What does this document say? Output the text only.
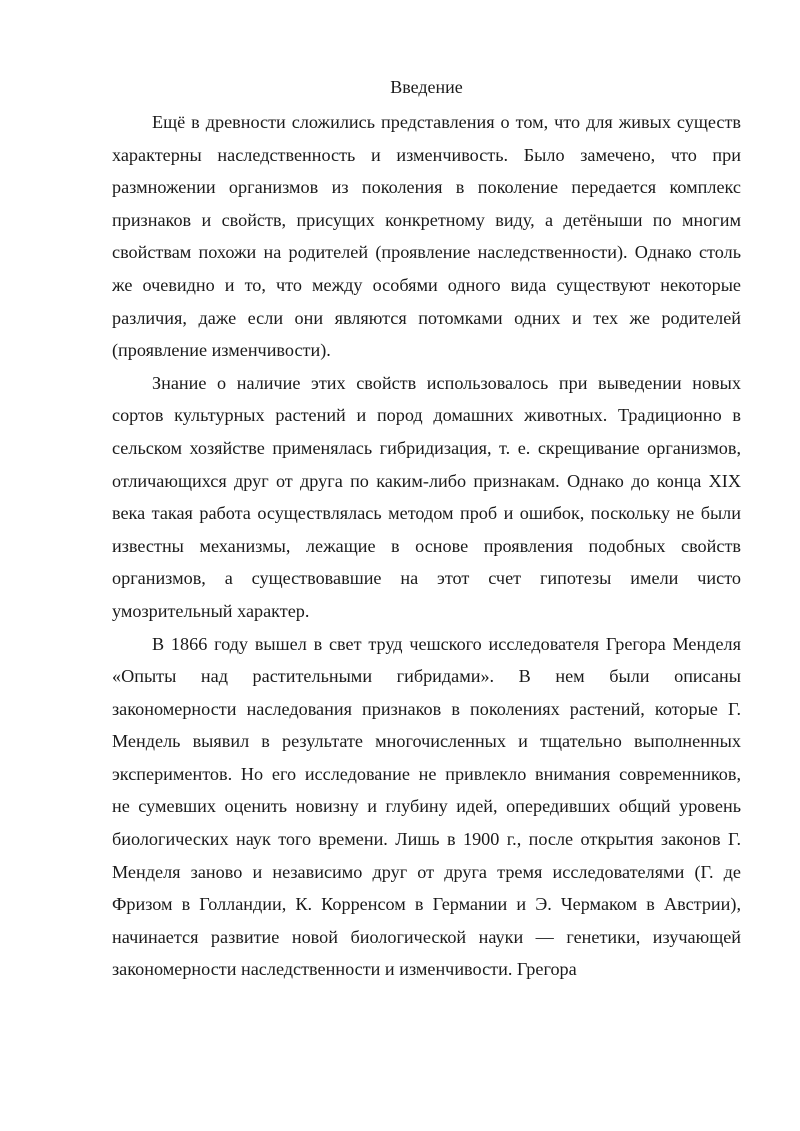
Введение
Ещё в древности сложились представления о том, что для живых существ
характерны наследственность и изменчивость. Было замечено, что при
размножении организмов из поколения в поколение передается комплекс
признаков и свойств, присущих конкретному виду, а детёныши по многим
свойствам похожи на родителей (проявление наследственности). Однако столь
же очевидно и то, что между особями одного вида существуют некоторые
различия, даже если они являются потомками одних и тех же родителей
(проявление изменчивости).
Знание о наличие этих свойств использовалось при выведении новых
сортов культурных растений и пород домашних животных. Традиционно в
сельском хозяйстве применялась гибридизация, т. е. скрещивание организмов,
отличающихся друг от друга по каким-либо признакам. Однако до конца XIX
века такая работа осуществлялась методом проб и ошибок, поскольку не были
известны механизмы, лежащие в основе проявления подобных свойств
организмов, а существовавшие на этот счет гипотезы имели чисто
умозрительный характер.
В 1866 году вышел в свет труд чешского исследователя Грегора Менделя
«Опыты над растительными гибридами». В нем были описаны
закономерности наследования признаков в поколениях растений, которые Г.
Мендель выявил в результате многочисленных и тщательно выполненных
экспериментов. Но его исследование не привлекло внимания современников,
не сумевших оценить новизну и глубину идей, опередивших общий уровень
биологических наук того времени. Лишь в 1900 г., после открытия законов Г.
Менделя заново и независимо друг от друга тремя исследователями (Г. де
Фризом в Голландии, К. Корренсом в Германии и Э. Чермаком в Австрии),
начинается развитие новой биологической науки — генетики, изучающей
закономерности наследственности и изменчивости. Грегора
